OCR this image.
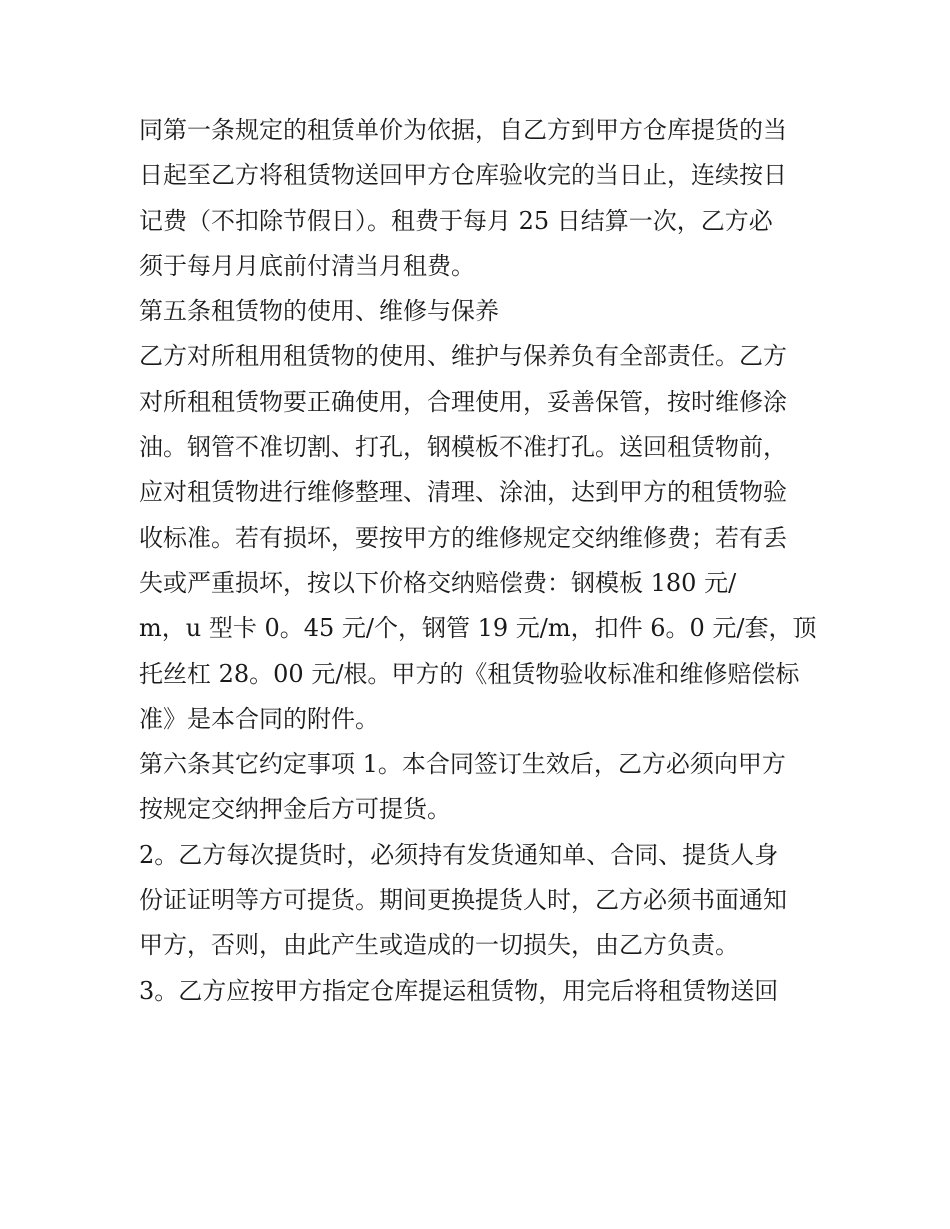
同第一条规定的租赁单价为依据，自乙方到甲方仓库提货的当
日起至乙方将租赁物送回甲方仓库验收完的当日止，连续按日
记费（不扣除节假日）。租费于每月 25 日结算一次，乙方必
须于每月月底前付清当月租费。
第五条租赁物的使用、维修与保养
乙方对所租用租赁物的使用、维护与保养负有全部责任。乙方
对所租租赁物要正确使用，合理使用，妥善保管，按时维修涂
油。钢管不准切割、打孔，钢模板不准打孔。送回租赁物前，
应对租赁物进行维修整理、清理、涂油，达到甲方的租赁物验
收标准。若有损坏，要按甲方的维修规定交纳维修费；若有丢
失或严重损坏，按以下价格交纳赔偿费：钢模板 180 元/
m，u 型卡 0。45 元/个，钢管 19 元/m，扣件 6。0 元/套，顶
托丝杠 28。00 元/根。甲方的《租赁物验收标准和维修赔偿标
准》是本合同的附件。
第六条其它约定事项 1。本合同签订生效后，乙方必须向甲方
按规定交纳押金后方可提货。
2。乙方每次提货时，必须持有发货通知单、合同、提货人身
份证证明等方可提货。期间更换提货人时，乙方必须书面通知
甲方，否则，由此产生或造成的一切损失，由乙方负责。
3。乙方应按甲方指定仓库提运租赁物，用完后将租赁物送回
